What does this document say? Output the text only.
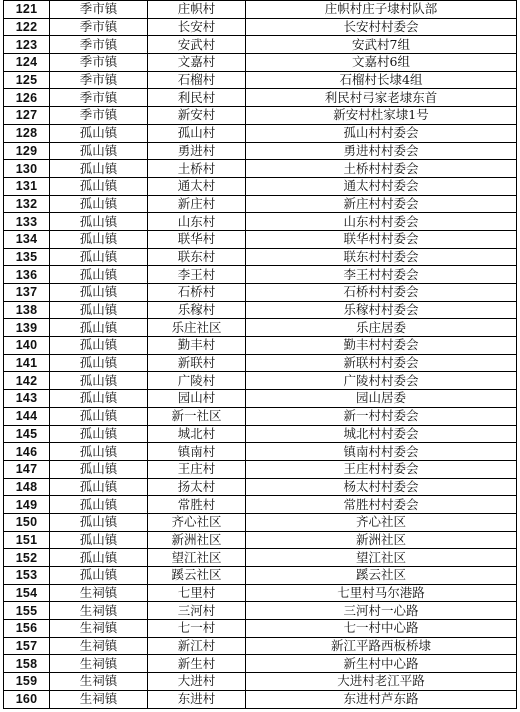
121	季市镇	庄帜村	庄帜村庄子埭村队部
122	季市镇	长安村	长安村村委会
123	季市镇	安武村	安武村7组
124	季市镇	文嘉村	文嘉村6组
125	季市镇	石榴村	石榴村长埭4组
126	季市镇	利民村	利民村弓家老埭东首
127	季市镇	新安村	新安村杜家埭1号
128	孤山镇	孤山村	孤山村村委会
129	孤山镇	勇进村	勇进村村委会
130	孤山镇	土桥村	土桥村村委会
131	孤山镇	通太村	通太村村委会
132	孤山镇	新庄村	新庄村村委会
133	孤山镇	山东村	山东村村委会
134	孤山镇	联华村	联华村村委会
135	孤山镇	联东村	联东村村委会
136	孤山镇	李王村	李王村村委会
137	孤山镇	石桥村	石桥村村委会
138	孤山镇	乐稼村	乐稼村村委会
139	孤山镇	乐庄社区	乐庄居委
140	孤山镇	勤丰村	勤丰村村委会
141	孤山镇	新联村	新联村村委会
142	孤山镇	广陵村	广陵村村委会
143	孤山镇	园山村	园山居委
144	孤山镇	新一社区	新一村村委会
145	孤山镇	城北村	城北村村委会
146	孤山镇	镇南村	镇南村村委会
147	孤山镇	王庄村	王庄村村委会
148	孤山镇	扬太村	杨太村村委会
149	孤山镇	常胜村	常胜村村委会
150	孤山镇	齐心社区	齐心社区
151	孤山镇	新洲社区	新洲社区
152	孤山镇	望江社区	望江社区
153	孤山镇	蹊云社区	蹊云社区
154	生祠镇	七里村	七里村马尔港路
155	生祠镇	三河村	三河村一心路
156	生祠镇	七一村	七一村中心路
157	生祠镇	新江村	新江平路西板桥埭
158	生祠镇	新生村	新生村中心路
159	生祠镇	大进村	大进村老江平路
160	生祠镇	东进村	东进村芦东路
